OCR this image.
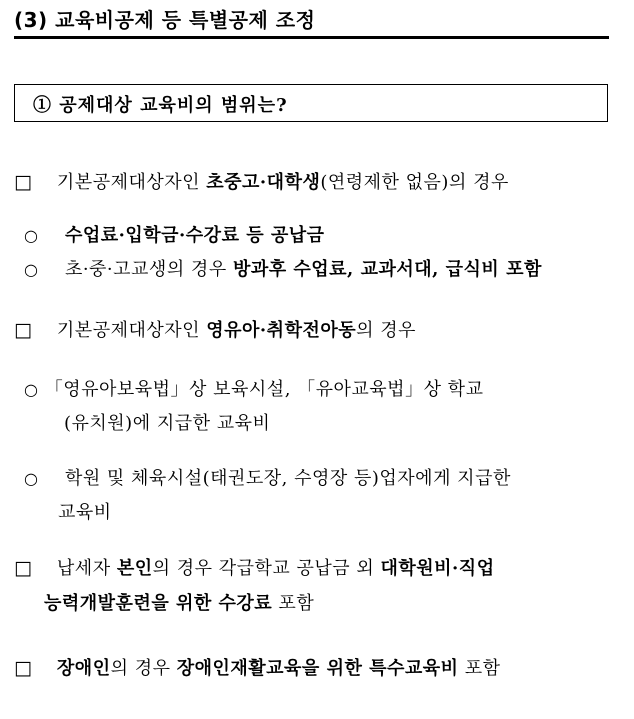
(3) 교육비공제 등 특별공제 조정
① 공제대상 교육비의 범위는?
□ 기본공제대상자인 초중고·대학생(연령제한 없음)의 경우
○ 수업료·입학금·수강료 등 공납금
○ 초·중·고교생의 경우 방과후 수업료, 교과서대, 급식비 포함
□ 기본공제대상자인 영유아·취학전아동의 경우
○ 「영유아보육법」상 보육시설, 「유아교육법」상 학교
(유치원)에 지급한 교육비
○ 학원 및 체육시설(태권도장, 수영장 등)업자에게 지급한
교육비
□ 납세자 본인의 경우 각급학교 공납금 외 대학원비·직업
능력개발훈련을 위한 수강료 포함
□ 장애인의 경우 장애인재활교육을 위한 특수교육비 포함
